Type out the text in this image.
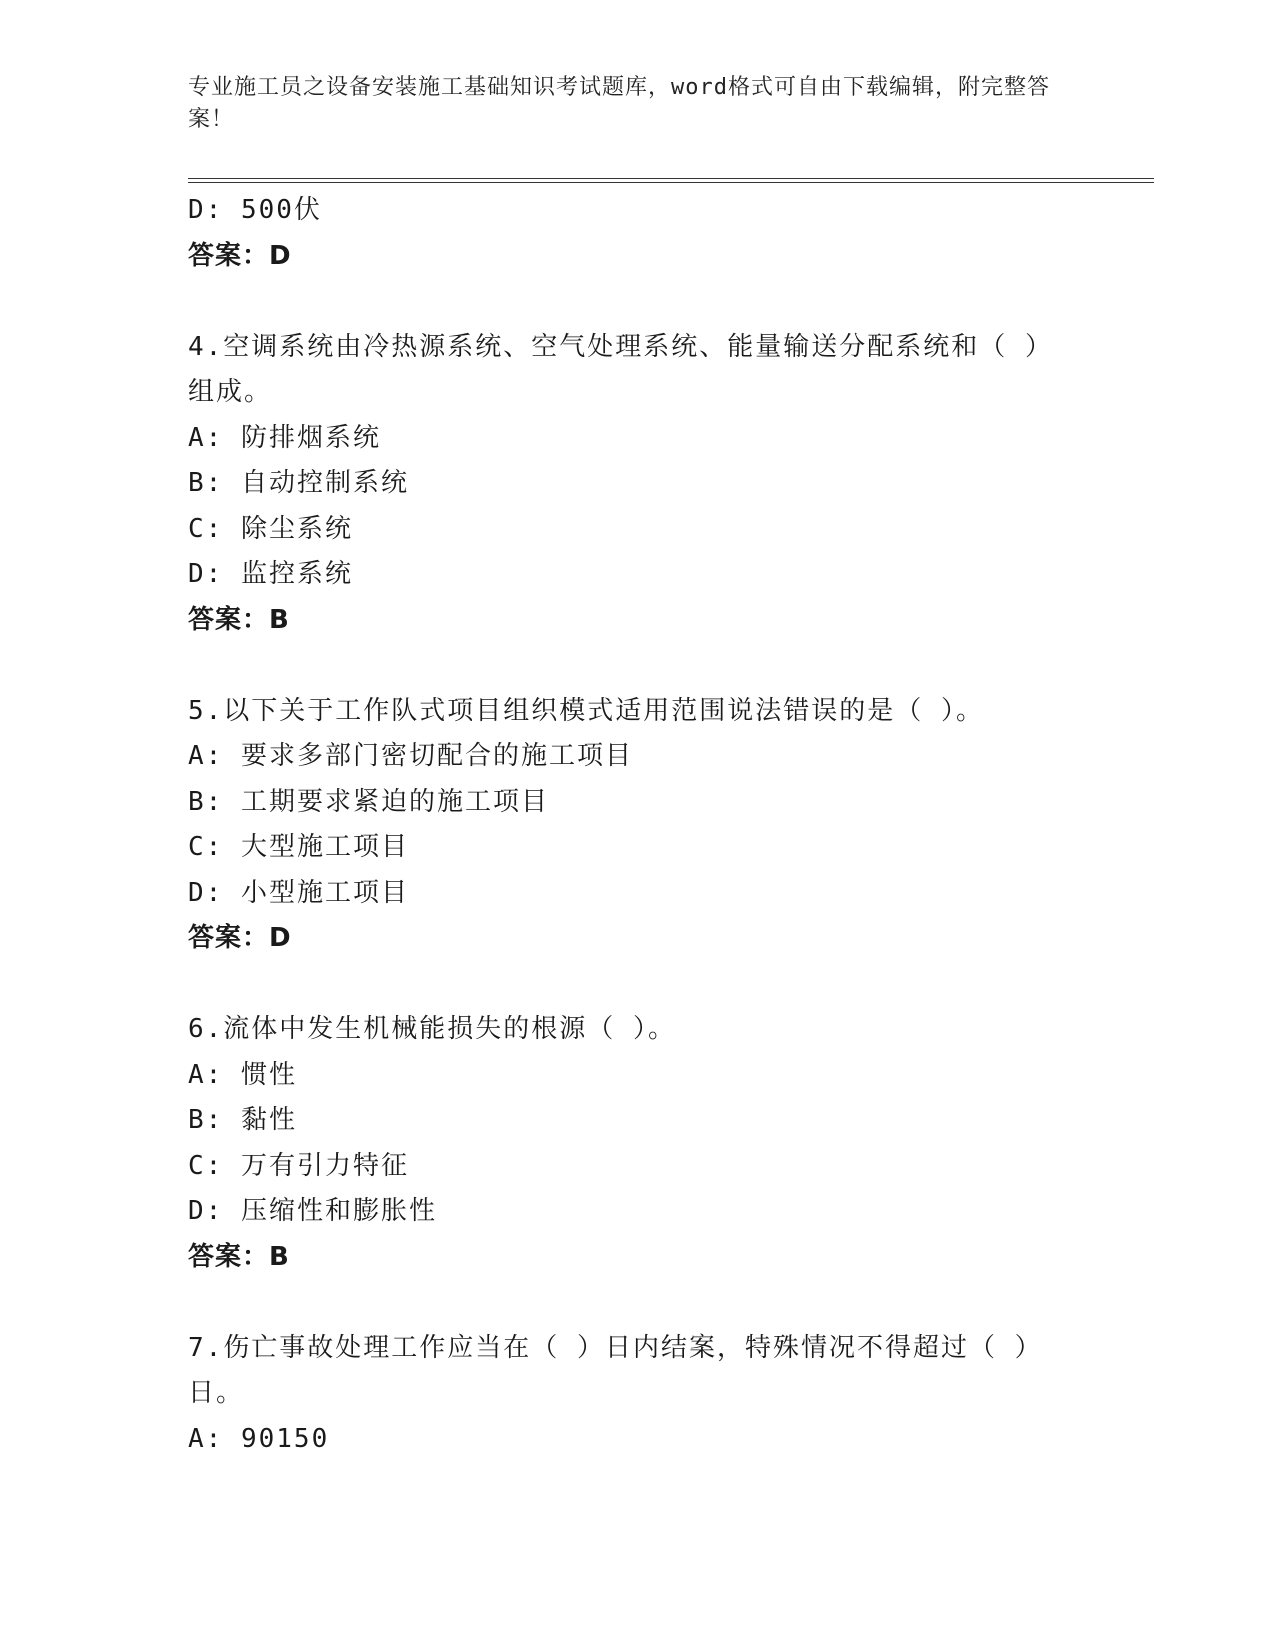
专业施工员之设备安装施工基础知识考试题库，word格式可自由下载编辑，附完整答案！
D: 500伏
答案：D
4.空调系统由冷热源系统、空气处理系统、能量输送分配系统和（ ）组成。
A: 防排烟系统
B: 自动控制系统
C: 除尘系统
D: 监控系统
答案：B
5.以下关于工作队式项目组织模式适用范围说法错误的是（ ）。
A: 要求多部门密切配合的施工项目
B: 工期要求紧迫的施工项目
C: 大型施工项目
D: 小型施工项目
答案：D
6.流体中发生机械能损失的根源（ ）。
A: 惯性
B: 黏性
C: 万有引力特征
D: 压缩性和膨胀性
答案：B
7.伤亡事故处理工作应当在（ ）日内结案，特殊情况不得超过（ ）日。
A: 90150
